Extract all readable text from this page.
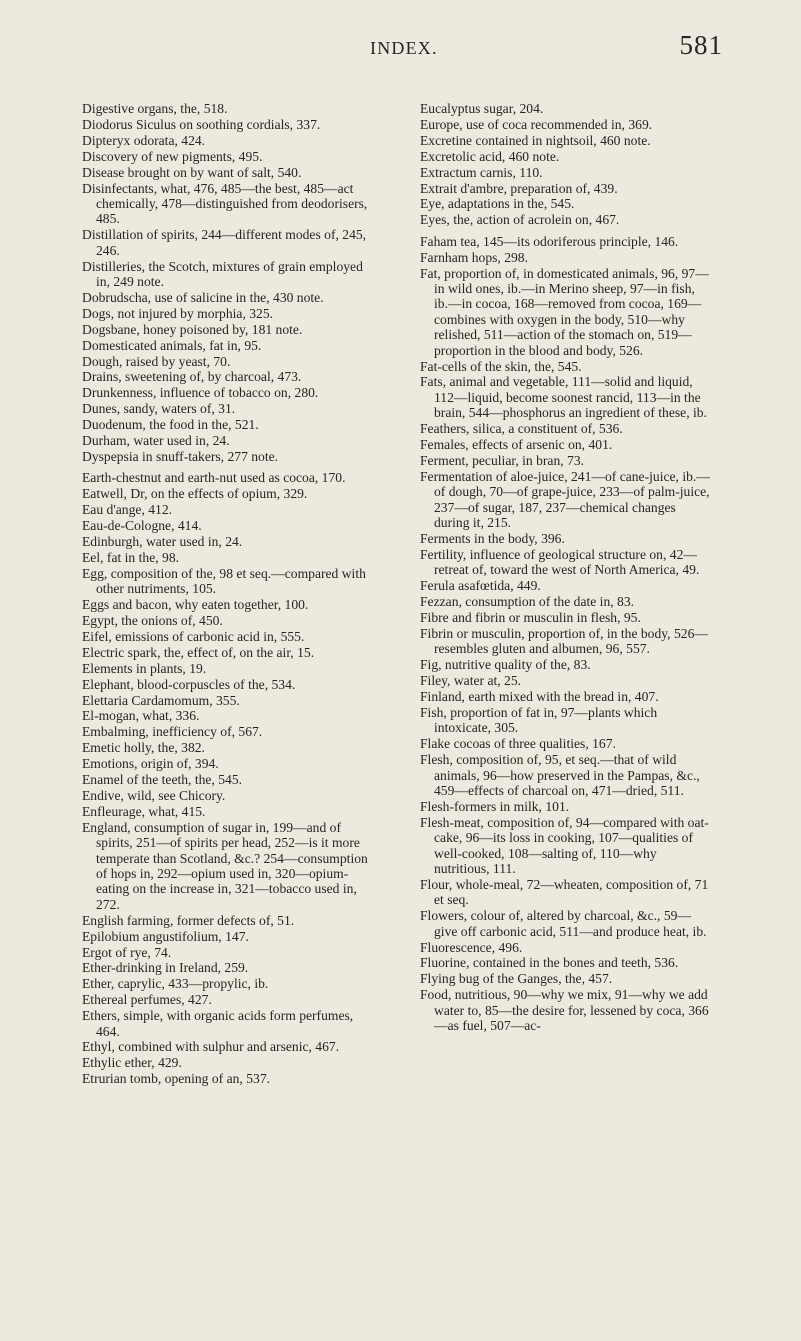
INDEX.	581
Digestive organs, the, 518.
Diodorus Siculus on soothing cordials, 337.
Dipteryx odorata, 424.
Discovery of new pigments, 495.
Disease brought on by want of salt, 540.
Disinfectants, what, 476, 485—the best, 485—act chemically, 478—distinguished from deodorisers, 485.
Distillation of spirits, 244—different modes of, 245, 246.
Distilleries, the Scotch, mixtures of grain employed in, 249 note.
Dobrudscha, use of salicine in the, 430 note.
Dogs, not injured by morphia, 325.
Dogsbane, honey poisoned by, 181 note.
Domesticated animals, fat in, 95.
Dough, raised by yeast, 70.
Drains, sweetening of, by charcoal, 473.
Drunkenness, influence of tobacco on, 280.
Dunes, sandy, waters of, 31.
Duodenum, the food in the, 521.
Durham, water used in, 24.
Dyspepsia in snuff-takers, 277 note.
Earth-chestnut and earth-nut used as cocoa, 170.
Eatwell, Dr, on the effects of opium, 329.
Eau d'ange, 412.
Eau-de-Cologne, 414.
Edinburgh, water used in, 24.
Eel, fat in the, 98.
Egg, composition of the, 98 et seq.—compared with other nutriments, 105.
Eggs and bacon, why eaten together, 100.
Egypt, the onions of, 450.
Eifel, emissions of carbonic acid in, 555.
Electric spark, the, effect of, on the air, 15.
Elements in plants, 19.
Elephant, blood-corpuscles of the, 534.
Elettaria Cardamomum, 355.
El-mogan, what, 336.
Embalming, inefficiency of, 567.
Emetic holly, the, 382.
Emotions, origin of, 394.
Enamel of the teeth, the, 545.
Endive, wild, see Chicory.
Enfleurage, what, 415.
England, consumption of sugar in, 199—and of spirits, 251—of spirits per head, 252—is it more temperate than Scotland, &c.? 254—consumption of hops in, 292—opium used in, 320—opium-eating on the increase in, 321—tobacco used in, 272.
English farming, former defects of, 51.
Epilobium angustifolium, 147.
Ergot of rye, 74.
Ether-drinking in Ireland, 259.
Ether, caprylic, 433—propylic, ib.
Ethereal perfumes, 427.
Ethers, simple, with organic acids form perfumes, 464.
Ethyl, combined with sulphur and arsenic, 467.
Ethylic ether, 429.
Etrurian tomb, opening of an, 537.
Eucalyptus sugar, 204.
Europe, use of coca recommended in, 369.
Excretine contained in nightsoil, 460 note.
Excretolic acid, 460 note.
Extractum carnis, 110.
Extrait d'ambre, preparation of, 439.
Eye, adaptations in the, 545.
Eyes, the, action of acrolein on, 467.
Faham tea, 145—its odoriferous principle, 146.
Farnham hops, 298.
Fat, proportion of, in domesticated animals, 96, 97—in wild ones, ib.—in Merino sheep, 97—in fish, ib.—in cocoa, 168—removed from cocoa, 169—combines with oxygen in the body, 510—why relished, 511—action of the stomach on, 519—proportion in the blood and body, 526.
Fat-cells of the skin, the, 545.
Fats, animal and vegetable, 111—solid and liquid, 112—liquid, become soonest rancid, 113—in the brain, 544—phosphorus an ingredient of these, ib.
Feathers, silica, a constituent of, 536.
Females, effects of arsenic on, 401.
Ferment, peculiar, in bran, 73.
Fermentation of aloe-juice, 241—of cane-juice, ib.—of dough, 70—of grape-juice, 233—of palm-juice, 237—of sugar, 187, 237—chemical changes during it, 215.
Ferments in the body, 396.
Fertility, influence of geological structure on, 42—retreat of, toward the west of North America, 49.
Ferula asafœtida, 449.
Fezzan, consumption of the date in, 83.
Fibre and fibrin or musculin in flesh, 95.
Fibrin or musculin, proportion of, in the body, 526—resembles gluten and albumen, 96, 557.
Fig, nutritive quality of the, 83.
Filey, water at, 25.
Finland, earth mixed with the bread in, 407.
Fish, proportion of fat in, 97—plants which intoxicate, 305.
Flake cocoas of three qualities, 167.
Flesh, composition of, 95, et seq.—that of wild animals, 96—how preserved in the Pampas, &c., 459—effects of charcoal on, 471—dried, 511.
Flesh-formers in milk, 101.
Flesh-meat, composition of, 94—compared with oat-cake, 96—its loss in cooking, 107—qualities of well-cooked, 108—salting of, 110—why nutritious, 111.
Flour, whole-meal, 72—wheaten, composition of, 71 et seq.
Flowers, colour of, altered by charcoal, &c., 59—give off carbonic acid, 511—and produce heat, ib.
Fluorescence, 496.
Fluorine, contained in the bones and teeth, 536.
Flying bug of the Ganges, the, 457.
Food, nutritious, 90—why we mix, 91—why we add water to, 85—the desire for, lessened by coca, 366—as fuel, 507—ac-
